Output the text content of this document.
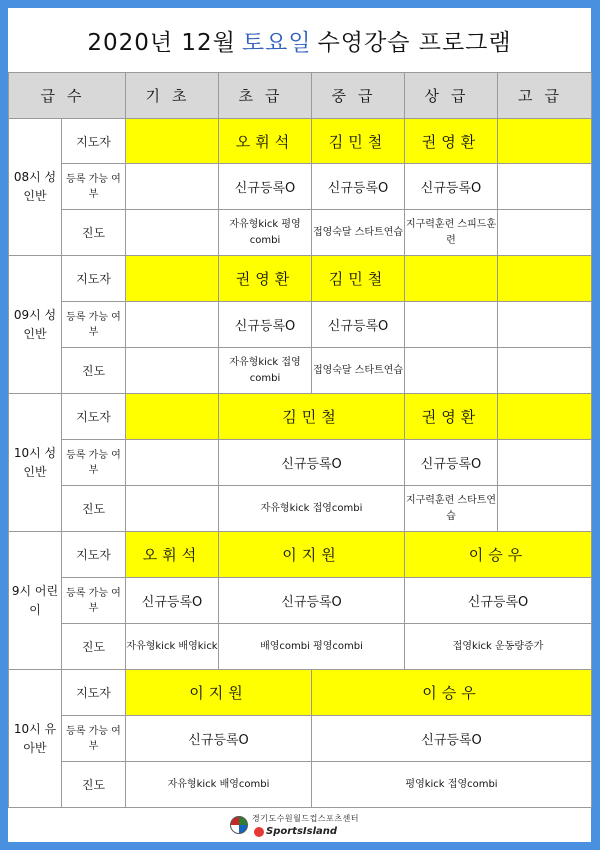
2020년 12월 토요일 수영강습 프로그램
급수		기초	초급	중급	상급	고급
08시 성인반	지도자		오휘석	김민철	권영환	
	등록 가능 여부		신규등록O	신규등록O	신규등록O	
	진도		자유형kick 평영combi	접영숙달 스타트연습	지구력훈련 스피드훈련	
09시 성인반	지도자		권영환	김민철		
	등록 가능 여부		신규등록O	신규등록O		
	진도		자유형kick 접영combi	접영숙달 스타트연습		
10시 성인반	지도자		김민철		권영환	
	등록 가능 여부		신규등록O		신규등록O	
	진도		자유형kick 접영combi		지구력훈련 스타트연습	
9시 어린이	지도자	오휘석	이지원		이승우	
	등록 가능 여부	신규등록O	신규등록O		신규등록O	
	진도	자유형kick 배영kick	배영combi 평영combi		접영kick 운동량증가	
10시 유아반	지도자	이지원		이승우		
	등록 가능 여부	신규등록O		신규등록O		
	진도	자유형kick 배영combi		평영kick 접영combi		
경기도수원월드컵스포츠센터
SportsIsland
